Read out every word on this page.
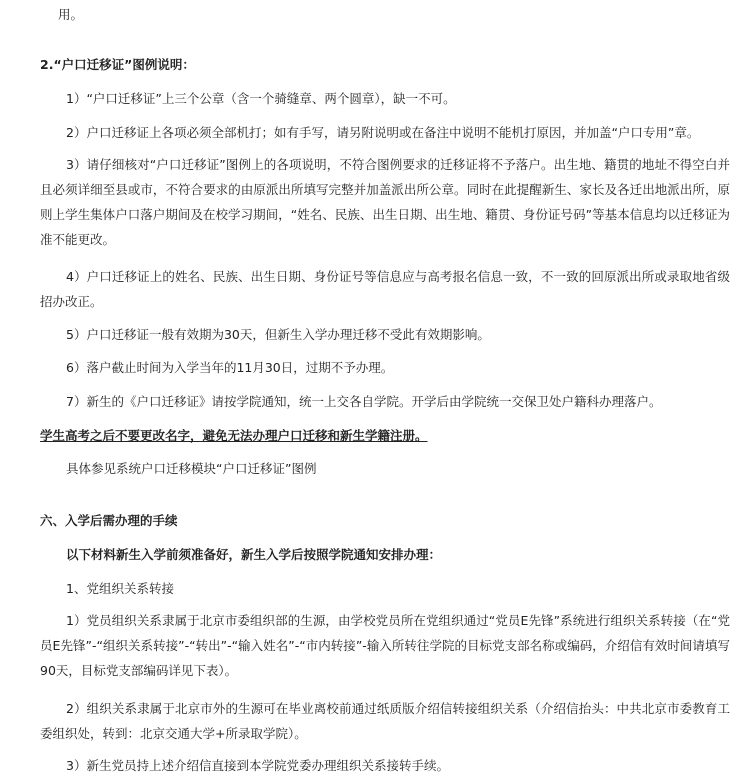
用。
2.“户口迁移证”图例说明：
1）“户口迁移证”上三个公章（含一个骑缝章、两个圆章），缺一不可。
2）户口迁移证上各项必须全部机打；如有手写，请另附说明或在备注中说明不能机打原因，并加盖“户口专用”章。
3）请仔细核对“户口迁移证”图例上的各项说明，不符合图例要求的迁移证将不予落户。出生地、籍贯的地址不得空白并且必须详细至县或市，不符合要求的由原派出所填写完整并加盖派出所公章。同时在此提醒新生、家长及各迁出地派出所，原则上学生集体户口落户期间及在校学习期间，“姓名、民族、出生日期、出生地、籍贯、身份证号码”等基本信息均以迁移证为准不能更改。
4）户口迁移证上的姓名、民族、出生日期、身份证号等信息应与高考报名信息一致，不一致的回原派出所或录取地省级招办改正。
5）户口迁移证一般有效期为30天，但新生入学办理迁移不受此有效期影响。
6）落户截止时间为入学当年的11月30日，过期不予办理。
7）新生的《户口迁移证》请按学院通知，统一上交各自学院。开学后由学院统一交保卫处户籍科办理落户。
学生高考之后不要更改名字，避免无法办理户口迁移和新生学籍注册。
具体参见系统户口迁移模块“户口迁移证”图例
六、入学后需办理的手续
以下材料新生入学前须准备好，新生入学后按照学院通知安排办理：
1、党组织关系转接
1）党员组织关系隶属于北京市委组织部的生源，由学校党员所在党组织通过“党员E先锋”系统进行组织关系转接（在“党员E先锋”-“组织关系转接”-“转出”-“输入姓名”-“市内转接”-输入所转往学院的目标党支部名称或编码，介绍信有效时间请填写90天，目标党支部编码详见下表）。
2）组织关系隶属于北京市外的生源可在毕业离校前通过纸质版介绍信转接组织关系（介绍信抬头：中共北京市委教育工委组织处，转到：北京交通大学+所录取学院）。
3）新生党员持上述介绍信直接到本学院党委办理组织关系接转手续。
